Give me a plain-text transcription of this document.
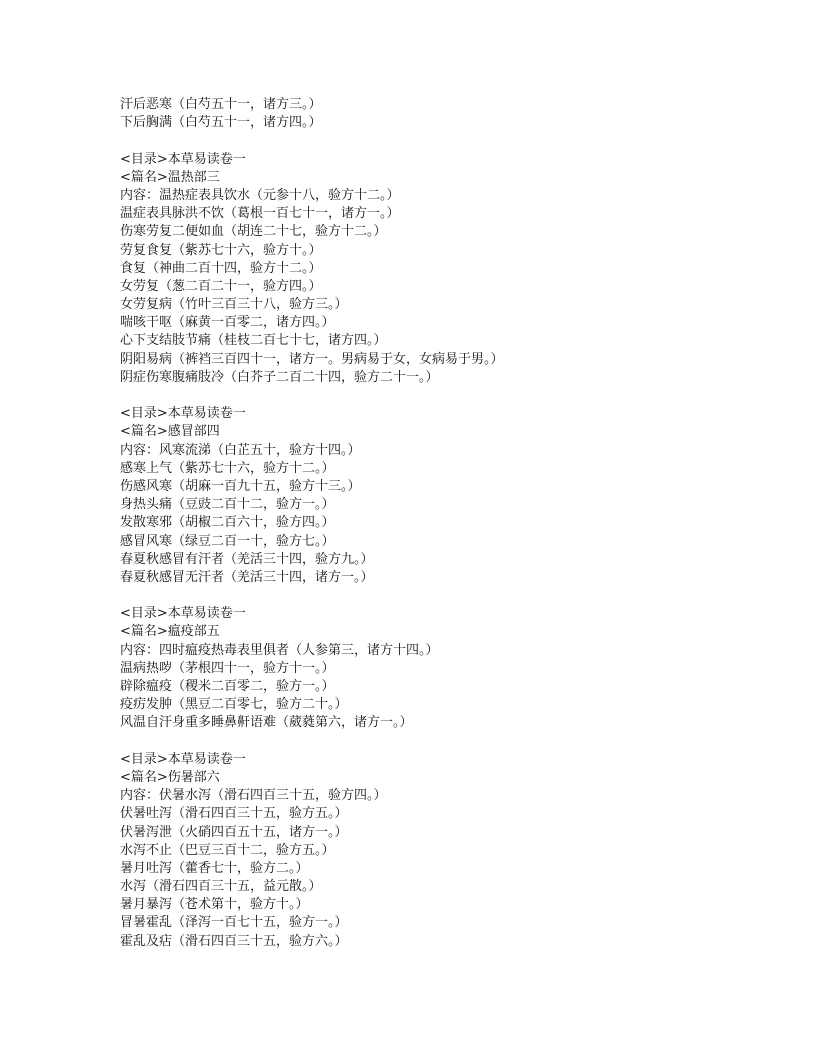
汗后恶寒（白芍五十一，诸方三。）
下后胸满（白芍五十一，诸方四。）
<目录>本草易读卷一
<篇名>温热部三
内容：温热症表具饮水（元参十八，验方十二。）
温症表具脉洪不饮（葛根一百七十一，诸方一。）
伤寒劳复二便如血（胡连二十七，验方十二。）
劳复食复（紫苏七十六，验方十。）
食复（神曲二百十四，验方十二。）
女劳复（葱二百二十一，验方四。）
女劳复病（竹叶三百三十八，验方三。）
喘咳干呕（麻黄一百零二，诸方四。）
心下支结肢节痛（桂枝二百七十七，诸方四。）
阴阳易病（裤裆三百四十一，诸方一。男病易于女，女病易于男。）
阴症伤寒腹痛肢冷（白芥子二百二十四，验方二十一。）
<目录>本草易读卷一
<篇名>感冒部四
内容：风寒流涕（白芷五十，验方十四。）
感寒上气（紫苏七十六，验方十二。）
伤感风寒（胡麻一百九十五，验方十三。）
身热头痛（豆豉二百十二，验方一。）
发散寒邪（胡椒二百六十，验方四。）
感冒风寒（绿豆二百一十，验方七。）
春夏秋感冒有汗者（羌活三十四，验方九。）
春夏秋感冒无汗者（羌活三十四，诸方一。）
<目录>本草易读卷一
<篇名>瘟疫部五
内容：四时瘟疫热毒表里俱者（人参第三，诸方十四。）
温病热哕（茅根四十一，验方十一。）
辟除瘟疫（稷米二百零二，验方一。）
疫疠发肿（黑豆二百零七，验方二十。）
风温自汗身重多睡鼻鼾语难（葳蕤第六，诸方一。）
<目录>本草易读卷一
<篇名>伤暑部六
内容：伏暑水泻（滑石四百三十五，验方四。）
伏暑吐泻（滑石四百三十五，验方五。）
伏暑泻泄（火硝四百五十五，诸方一。）
水泻不止（巴豆三百十二，验方五。）
暑月吐泻（藿香七十，验方二。）
水泻（滑石四百三十五，益元散。）
暑月暴泻（苍术第十，验方十。）
冒暑霍乱（泽泻一百七十五，验方一。）
霍乱及痁（滑石四百三十五，验方六。）
